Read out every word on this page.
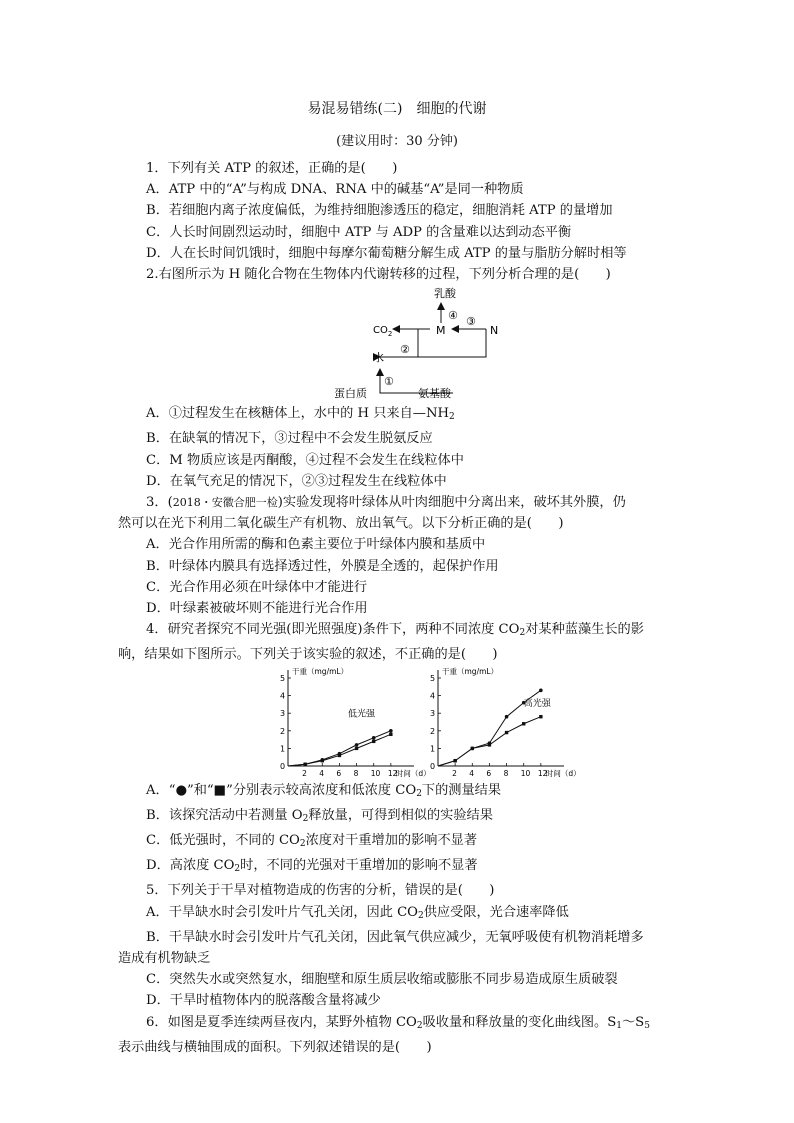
易混易错练(二)　细胞的代谢
(建议用时：30 分钟)

1．下列有关 ATP 的叙述，正确的是(　　)

A．ATP 中的“A”与构成 DNA、RNA 中的碱基“A”是同一种物质

B．若细胞内离子浓度偏低，为维持细胞渗透压的稳定，细胞消耗 ATP 的量增加

C．人长时间剧烈运动时，细胞中 ATP 与 ADP 的含量难以达到动态平衡

D．人在长时间饥饿时，细胞中每摩尔葡萄糖分解生成 ATP 的量与脂肪分解时相等

2.右图所示为 H 随化合物在生物体内代谢转移的过程，下列分析合理的是(　　)

乳酸
④
$CO_2$	M
③
N
②
水
①
蛋白质	氨基酸

A．①过程发生在核糖体上，水中的 H 只来自$—NH_2$

B．在缺氧的情况下，③过程中不会发生脱氨反应

C．M 物质应该是丙酮酸，④过程不会发生在线粒体中

D．在氧气充足的情况下，②③过程发生在线粒体中

3．(2018・安徽合肥一检)实验发现将叶绿体从叶肉细胞中分离出来，破坏其外膜，仍

然可以在光下利用二氧化碳生产有机物、放出氧气。以下分析正确的是(　　)

A．光合作用所需的酶和色素主要位于叶绿体内膜和基质中

B．叶绿体内膜具有选择透过性，外膜是全透的，起保护作用

C．光合作用必须在叶绿体中才能进行

D．叶绿素被破坏则不能进行光合作用

4．研究者探究不同光强(即光照强度)条件下，两种不同浓度 $CO_2$对某种蓝藻生长的影

响，结果如下图所示。下列关于该实验的叙述，不正确的是(　　)

0
1
2
3
4
5
2 4 6 8 10 12
干重（mg/mL）
时间（d）
低光强
0
1
2
3
4
5
2 4 6 8 10 12
干重（mg/mL）
时间（d）
高光强

A．“●”和“■”分别表示较高浓度和低浓度 $CO_2$下的测量结果

B．该探究活动中若测量 $O_2$释放量，可得到相似的实验结果

C．低光强时，不同的 $CO_2$浓度对干重增加的影响不显著

D．高浓度 $CO_2$时，不同的光强对干重增加的影响不显著

5．下列关于干旱对植物造成的伤害的分析，错误的是(　　)

A．干旱缺水时会引发叶片气孔关闭，因此 $CO_2$供应受限，光合速率降低

B．干旱缺水时会引发叶片气孔关闭，因此氧气供应减少，无氧呼吸使有机物消耗增多

造成有机物缺乏

C．突然失水或突然复水，细胞壁和原生质层收缩或膨胀不同步易造成原生质破裂

D．干旱时植物体内的脱落酸含量将减少

6．如图是夏季连续两昼夜内，某野外植物 $CO_2$吸收量和释放量的变化曲线图。$S_1\sim S_5$

表示曲线与横轴围成的面积。下列叙述错误的是(　　)
